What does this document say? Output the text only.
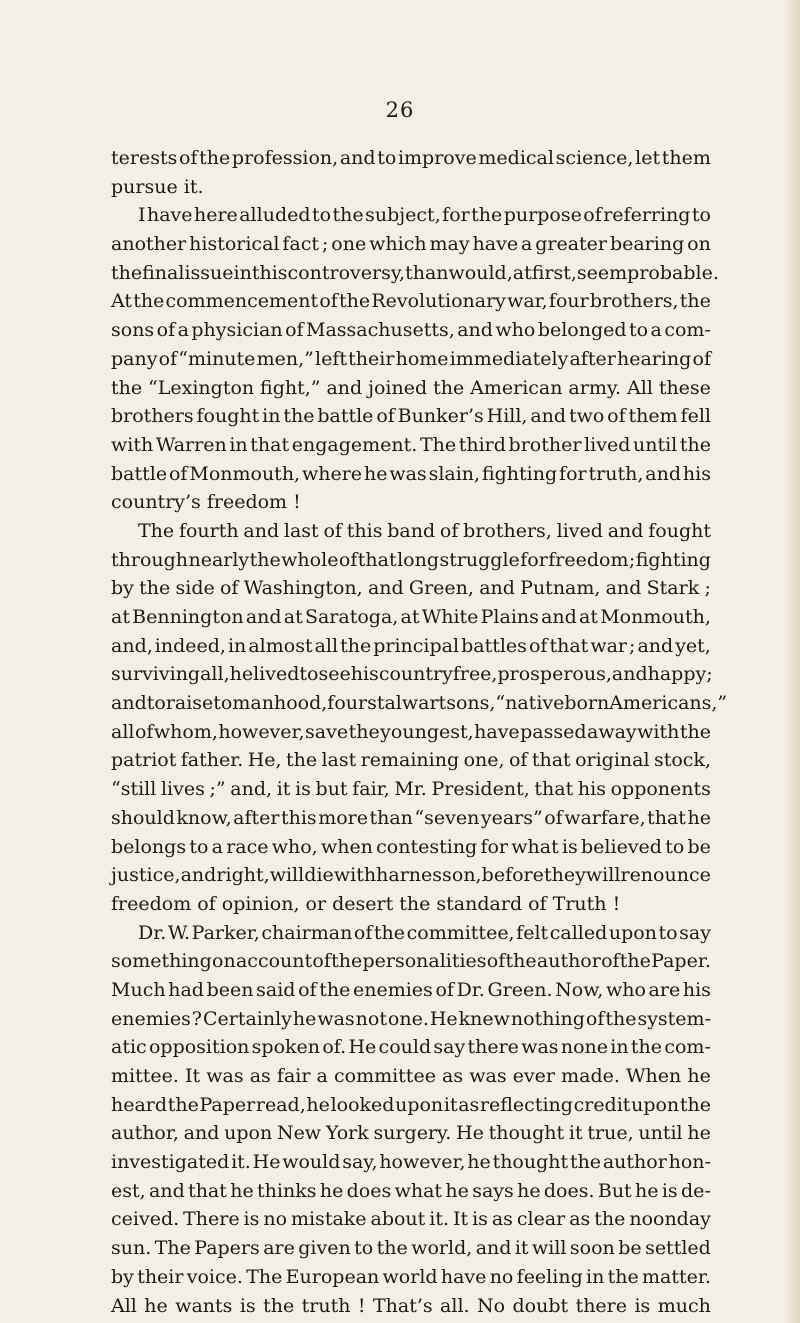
26
terests of the profession, and to improve medical science, let them
pursue it.
I have here alluded to the subject, for the purpose of referring to
another historical fact ; one which may have a greater bearing on
the final issue in this controversy, than would, at first, seem probable.
At the commencement of the Revolutionary war, four brothers, the
sons of a physician of Massachusetts, and who belonged to a com-
pany of “minute men,” left their home immediately after hearing of
the “Lexington fight,” and joined the American army. All these
brothers fought in the battle of Bunker’s Hill, and two of them fell
with Warren in that engagement. The third brother lived until the
battle of Monmouth, where he was slain, fighting for truth, and his
country’s freedom !
The fourth and last of this band of brothers, lived and fought
through nearly the whole of that long struggle for freedom ; fighting
by the side of Washington, and Green, and Putnam, and Stark ;
at Bennington and at Saratoga, at White Plains and at Monmouth,
and, indeed, in almost all the principal battles of that war ; and yet,
surviving all, he lived to see his country free, prosperous, and happy;
and to raise to manhood, four stalwart sons, “native born Americans,”
all of whom, however, save the youngest, have passed away with the
patriot father. He, the last remaining one, of that original stock,
“still lives ;” and, it is but fair, Mr. President, that his opponents
should know, after this more than “seven years” of warfare, that he
belongs to a race who, when contesting for what is believed to be
justice, and right, will die with harness on, before they will renounce
freedom of opinion, or desert the standard of Truth !
Dr. W. Parker, chairman of the committee, felt called upon to say
something on account of the personalities of the author of the Paper.
Much had been said of the enemies of Dr. Green. Now, who are his
enemies ? Certainly he was not one. He knew nothing of the system-
atic opposition spoken of. He could say there was none in the com-
mittee. It was as fair a committee as was ever made. When he
heard the Paper read, he looked upon it as reflecting credit upon the
author, and upon New York surgery. He thought it true, until he
investigated it. He would say, however, he thought the author hon-
est, and that he thinks he does what he says he does. But he is de-
ceived. There is no mistake about it. It is as clear as the noonday
sun. The Papers are given to the world, and it will soon be settled
by their voice. The European world have no feeling in the matter.
All he wants is the truth ! That’s all. No doubt there is much
